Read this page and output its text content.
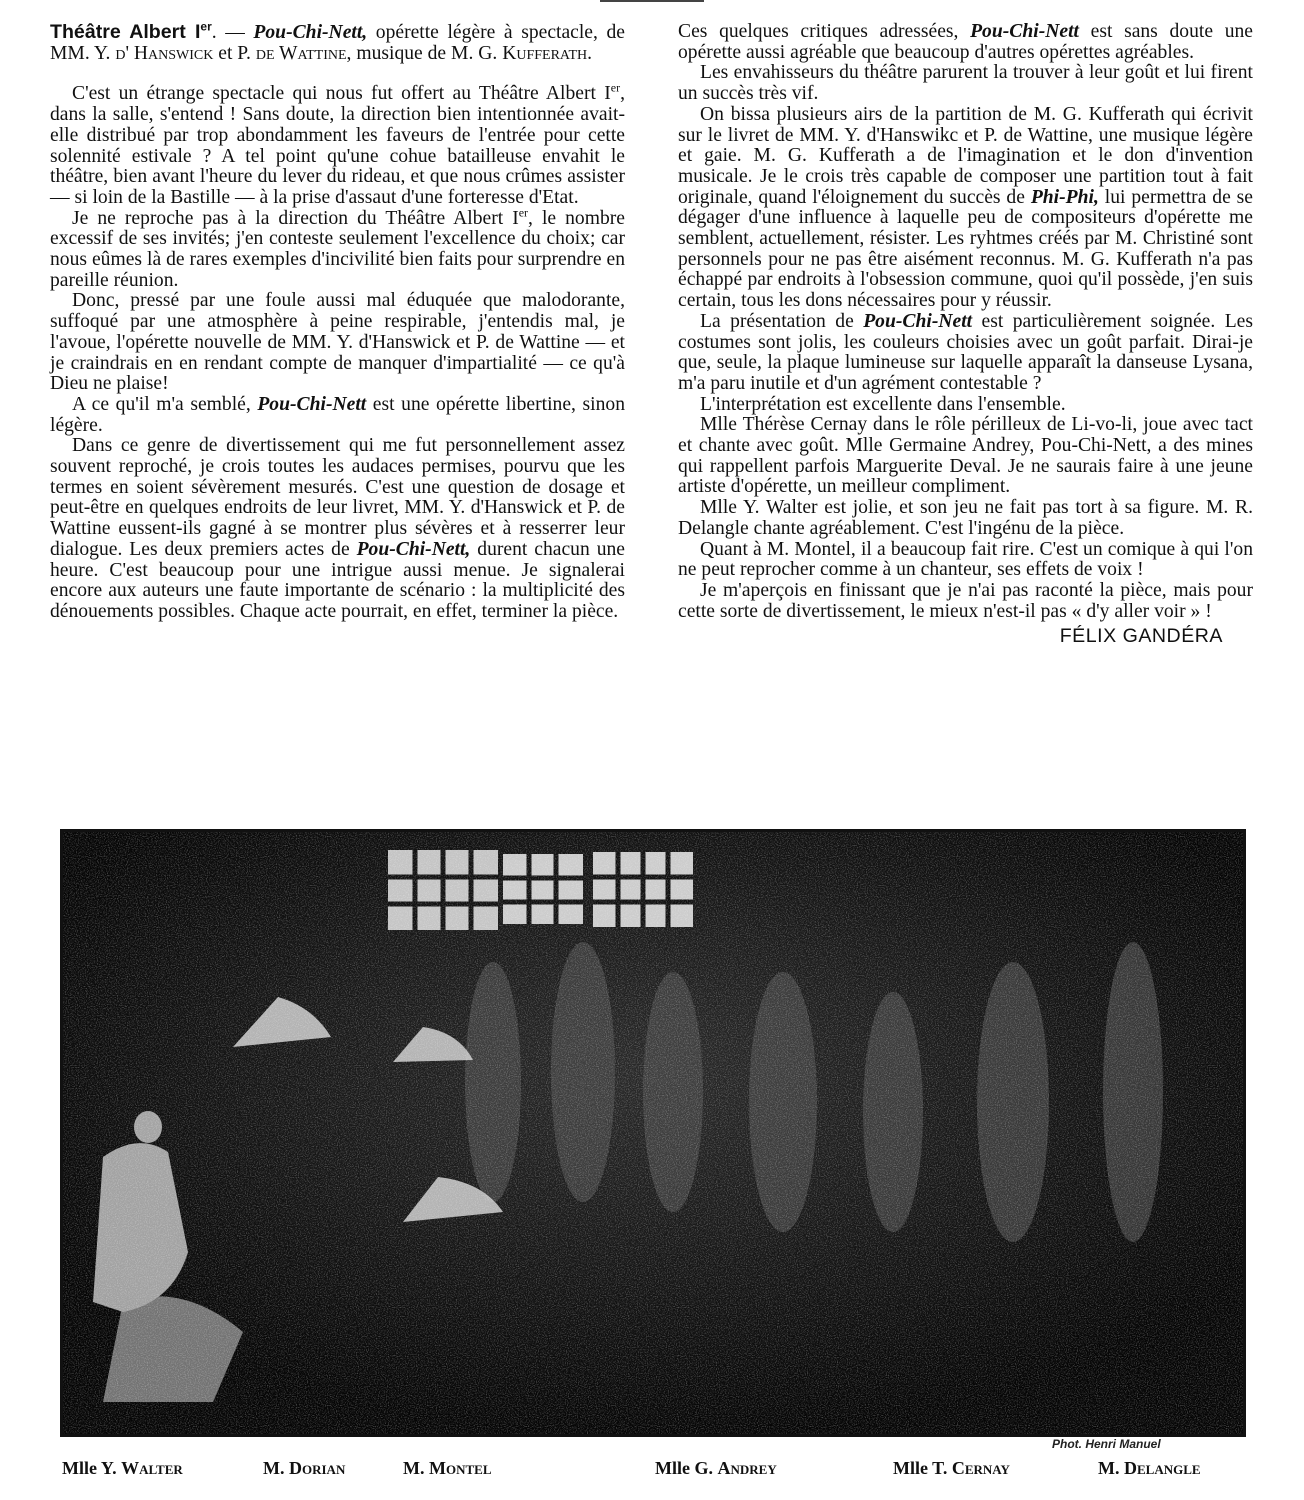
Théâtre Albert Ier. — Pou-Chi-Nett, opérette légère à spectacle, de MM. Y. d' Hanswick et P. de Wattine, musique de M. G. Kufferath.

C'est un étrange spectacle qui nous fut offert au Théâtre Albert Ier, dans la salle, s'entend ! Sans doute, la direction bien intentionnée avait-elle distribué par trop abondamment les faveurs de l'entrée pour cette solennité estivale ? A tel point qu'une cohue batailleuse envahit le théâtre, bien avant l'heure du lever du rideau, et que nous crûmes assister — si loin de la Bastille — à la prise d'assaut d'une forteresse d'Etat.

Je ne reproche pas à la direction du Théâtre Albert Ier, le nombre excessif de ses invités; j'en conteste seulement l'excellence du choix; car nous eûmes là de rares exemples d'incivilité bien faits pour surprendre en pareille réunion.

Donc, pressé par une foule aussi mal éduquée que malodorante, suffoqué par une atmosphère à peine respirable, j'entendis mal, je l'avoue, l'opérette nouvelle de MM. Y. d'Hanswick et P. de Wattine — et je craindrais en en rendant compte de manquer d'impartialité — ce qu'à Dieu ne plaise!

A ce qu'il m'a semblé, Pou-Chi-Nett est une opérette libertine, sinon légère.

Dans ce genre de divertissement qui me fut personnellement assez souvent reproché, je crois toutes les audaces permises, pourvu que les termes en soient sévèrement mesurés. C'est une question de dosage et peut-être en quelques endroits de leur livret, MM. Y. d'Hanswick et P. de Wattine eussent-ils gagné à se montrer plus sévères et à resserrer leur dialogue. Les deux premiers actes de Pou-Chi-Nett, durent chacun une heure. C'est beaucoup pour une intrigue aussi menue. Je signalerai encore aux auteurs une faute importante de scénario : la multiplicité des dénouements possibles. Chaque acte pourrait, en effet, terminer la pièce.

Ces quelques critiques adressées, Pou-Chi-Nett est sans doute une opérette aussi agréable que beaucoup d'autres opérettes agréables.

Les envahisseurs du théâtre parurent la trouver à leur goût et lui firent un succès très vif.

On bissa plusieurs airs de la partition de M. G. Kufferath qui écrivit sur le livret de MM. Y. d'Hanswikc et P. de Wattine, une musique légère et gaie. M. G. Kufferath a de l'imagination et le don d'invention musicale. Je le crois très capable de composer une partition tout à fait originale, quand l'éloignement du succès de Phi-Phi, lui permettra de se dégager d'une influence à laquelle peu de compositeurs d'opérette me semblent, actuellement, résister. Les ryhtmes créés par M. Christiné sont personnels pour ne pas être aisément reconnus. M. G. Kufferath n'a pas échappé par endroits à l'obsession commune, quoi qu'il possède, j'en suis certain, tous les dons nécessaires pour y réussir.

La présentation de Pou-Chi-Nett est particulièrement soignée. Les costumes sont jolis, les couleurs choisies avec un goût parfait. Dirai-je que, seule, la plaque lumineuse sur laquelle apparaît la danseuse Lysana, m'a paru inutile et d'un agrément contestable ?

L'interprétation est excellente dans l'ensemble.

Mlle Thérèse Cernay dans le rôle périlleux de Li-vo-li, joue avec tact et chante avec goût. Mlle Germaine Andrey, Pou-Chi-Nett, a des mines qui rappellent parfois Marguerite Deval. Je ne saurais faire à une jeune artiste d'opérette, un meilleur compliment.

Mlle Y. Walter est jolie, et son jeu ne fait pas tort à sa figure. M. R. Delangle chante agréablement. C'est l'ingénu de la pièce.

Quant à M. Montel, il a beaucoup fait rire. C'est un comique à qui l'on ne peut reprocher comme à un chanteur, ses effets de voix !

Je m'aperçois en finissant que je n'ai pas raconté la pièce, mais pour cette sorte de divertissement, le mieux n'est-il pas « d'y aller voir » !

FÉLIX GANDÉRA

Phot. Henri Manuel
Mlle Y. Walter	M. Dorian	M. Montel	Mlle G. Andrey	Mlle T. Cernay	M. Delangle
